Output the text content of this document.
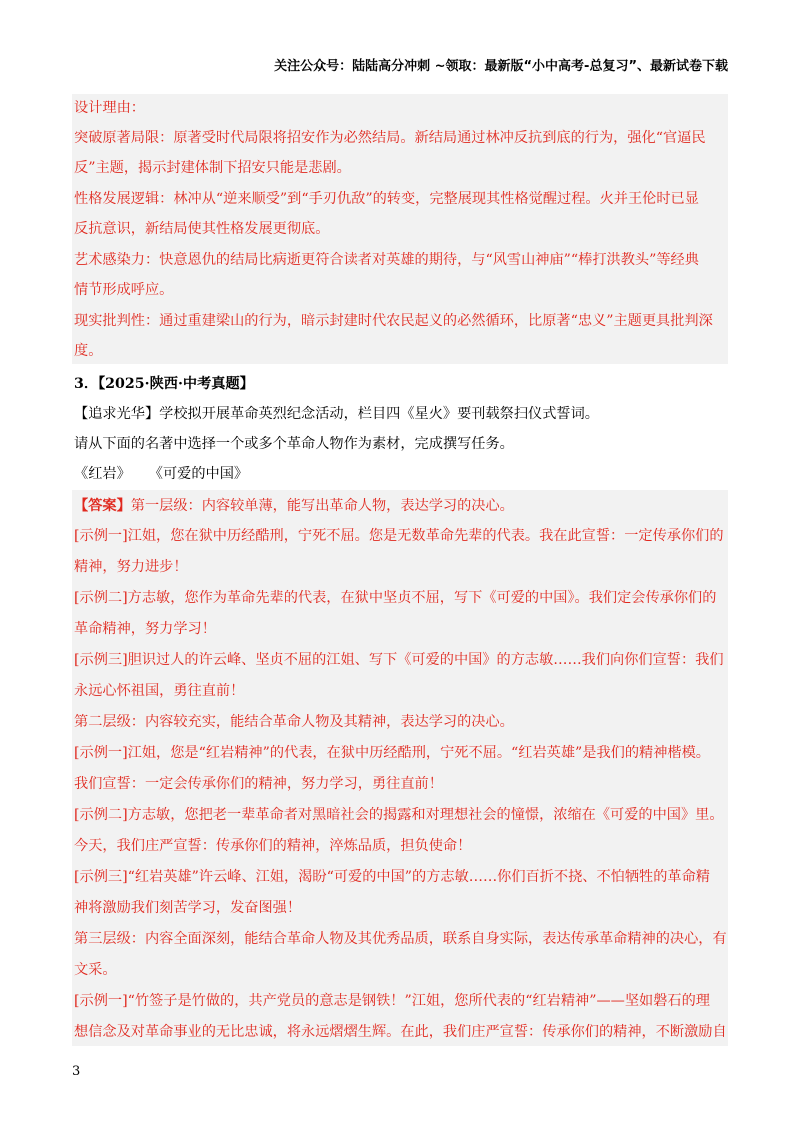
关注公众号：陆陆高分冲刺 ~领取：最新版“小中高考-总复习”、最新试卷下载
设计理由：
突破原著局限：原著受时代局限将招安作为必然结局。新结局通过林冲反抗到底的行为，强化“官逼民
反”主题，揭示封建体制下招安只能是悲剧。
性格发展逻辑：林冲从“逆来顺受”到“手刃仇敌”的转变，完整展现其性格觉醒过程。火并王伦时已显
反抗意识，新结局使其性格发展更彻底。
艺术感染力：快意恩仇的结局比病逝更符合读者对英雄的期待，与“风雪山神庙”“棒打洪教头”等经典
情节形成呼应。
现实批判性：通过重建梁山的行为，暗示封建时代农民起义的必然循环，比原著“忠义”主题更具批判深
度。
3．【2025·陕西·中考真题】
【追求光华】学校拟开展革命英烈纪念活动，栏目四《星火》要刊载祭扫仪式誓词。
请从下面的名著中选择一个或多个革命人物作为素材，完成撰写任务。
《红岩》    《可爱的中国》
【答案】第一层级：内容较单薄，能写出革命人物，表达学习的决心。
[示例一]江姐，您在狱中历经酷刑，宁死不屈。您是无数革命先辈的代表。我在此宣誓：一定传承你们的
精神，努力进步！
[示例二]方志敏，您作为革命先辈的代表，在狱中坚贞不屈，写下《可爱的中国》。我们定会传承你们的
革命精神，努力学习！
[示例三]胆识过人的许云峰、坚贞不屈的江姐、写下《可爱的中国》的方志敏……我们向你们宣誓：我们
永远心怀祖国，勇往直前！
第二层级：内容较充实，能结合革命人物及其精神，表达学习的决心。
[示例一]江姐，您是“红岩精神”的代表，在狱中历经酷刑，宁死不屈。“红岩英雄”是我们的精神楷模。
我们宣誓：一定会传承你们的精神，努力学习，勇往直前！
[示例二]方志敏，您把老一辈革命者对黑暗社会的揭露和对理想社会的憧憬，浓缩在《可爱的中国》里。
今天，我们庄严宣誓：传承你们的精神，淬炼品质，担负使命！
[示例三]“红岩英雄”许云峰、江姐，渴盼“可爱的中国”的方志敏……你们百折不挠、不怕牺牲的革命精
神将激励我们刻苦学习，发奋图强！
第三层级：内容全面深刻，能结合革命人物及其优秀品质，联系自身实际，表达传承革命精神的决心，有
文采。
[示例一]“竹签子是竹做的，共产党员的意志是钢铁！”江姐，您所代表的“红岩精神”——坚如磐石的理
想信念及对革命事业的无比忠诚，将永远熠熠生辉。在此，我们庄严宣誓：传承你们的精神，不断激励自
3
